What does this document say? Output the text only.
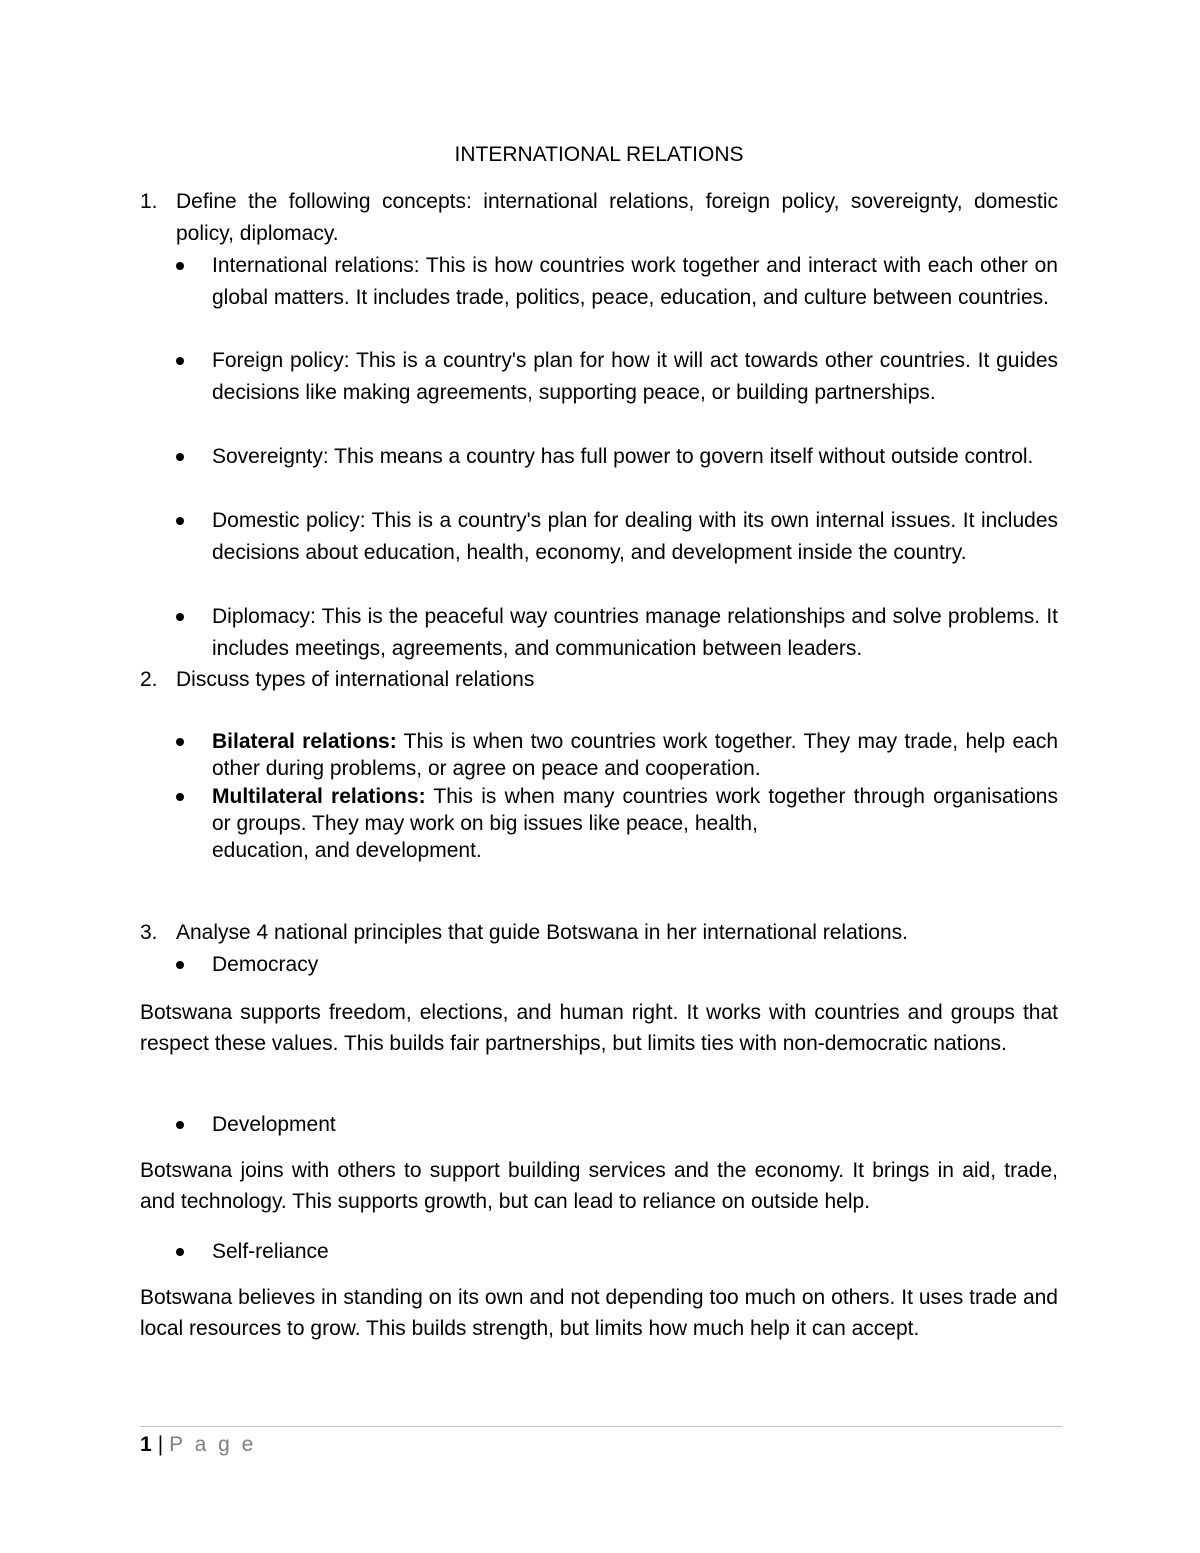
INTERNATIONAL RELATIONS
1. Define the following concepts: international relations, foreign policy, sovereignty, domestic policy, diplomacy.
International relations: This is how countries work together and interact with each other on global matters. It includes trade, politics, peace, education, and culture between countries.
Foreign policy: This is a country's plan for how it will act towards other countries. It guides decisions like making agreements, supporting peace, or building partnerships.
Sovereignty: This means a country has full power to govern itself without outside control.
Domestic policy: This is a country's plan for dealing with its own internal issues. It includes decisions about education, health, economy, and development inside the country.
Diplomacy: This is the peaceful way countries manage relationships and solve problems. It includes meetings, agreements, and communication between leaders.
2. Discuss types of international relations
Bilateral relations: This is when two countries work together. They may trade, help each other during problems, or agree on peace and cooperation.
Multilateral relations: This is when many countries work together through organisations or groups. They may work on big issues like peace, health,
education, and development.
3. Analyse 4 national principles that guide Botswana in her international relations.
Democracy
Botswana supports freedom, elections, and human right. It works with countries and groups that respect these values. This builds fair partnerships, but limits ties with non-democratic nations.
Development
Botswana joins with others to support building services and the economy. It brings in aid, trade, and technology. This supports growth, but can lead to reliance on outside help.
Self-reliance
Botswana believes in standing on its own and not depending too much on others. It uses trade and local resources to grow. This builds strength, but limits how much help it can accept.
1 | P a g e
